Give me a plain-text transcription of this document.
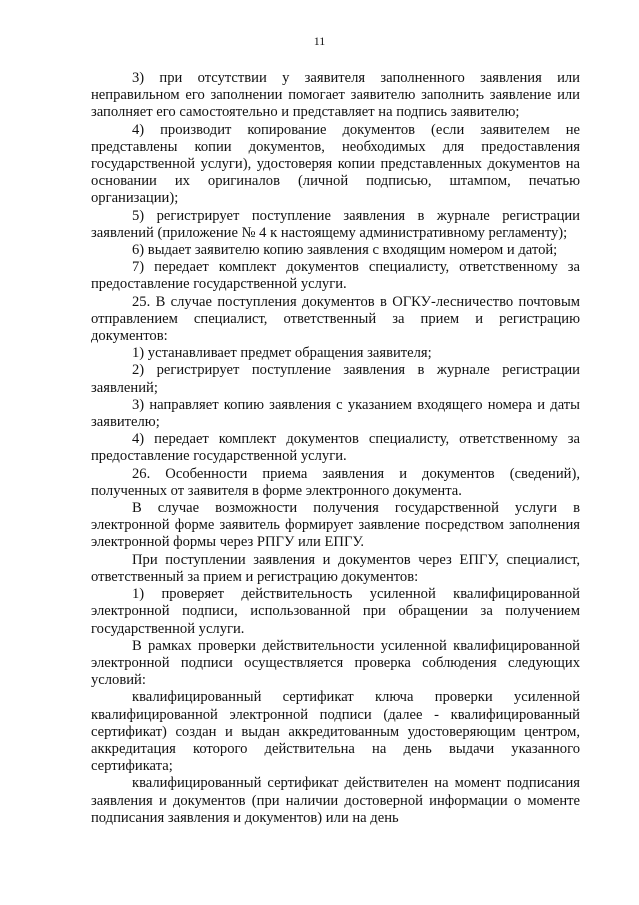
11

3) при отсутствии у заявителя заполненного заявления или неправильном его заполнении помогает заявителю заполнить заявление или заполняет его самостоятельно и представляет на подпись заявителю;

4) производит копирование документов (если заявителем не представлены копии документов, необходимых для предоставления государственной услуги), удостоверяя копии представленных документов на основании их оригиналов (личной подписью, штампом, печатью организации);

5) регистрирует поступление заявления в журнале регистрации заявлений (приложение № 4 к настоящему административному регламенту);

6) выдает заявителю копию заявления с входящим номером и датой;

7) передает комплект документов специалисту, ответственному за предоставление государственной услуги.

25. В случае поступления документов в ОГКУ-лесничество почтовым отправлением специалист, ответственный за прием и регистрацию документов:

1) устанавливает предмет обращения заявителя;

2) регистрирует поступление заявления в журнале регистрации заявлений;

3) направляет копию заявления с указанием входящего номера и даты заявителю;

4) передает комплект документов специалисту, ответственному за предоставление государственной услуги.

26. Особенности приема заявления и документов (сведений), полученных от заявителя в форме электронного документа.

В случае возможности получения государственной услуги в электронной форме заявитель формирует заявление посредством заполнения электронной формы через РПГУ или ЕПГУ.

При поступлении заявления и документов через ЕПГУ, специалист, ответственный за прием и регистрацию документов:

1) проверяет действительность усиленной квалифицированной электронной подписи, использованной при обращении за получением государственной услуги.

В рамках проверки действительности усиленной квалифицированной электронной подписи осуществляется проверка соблюдения следующих условий:

квалифицированный сертификат ключа проверки усиленной квалифицированной электронной подписи (далее - квалифицированный сертификат) создан и выдан аккредитованным удостоверяющим центром, аккредитация которого действительна на день выдачи указанного сертификата;

квалифицированный сертификат действителен на момент подписания заявления и документов (при наличии достоверной информации о моменте подписания заявления и документов) или на день
